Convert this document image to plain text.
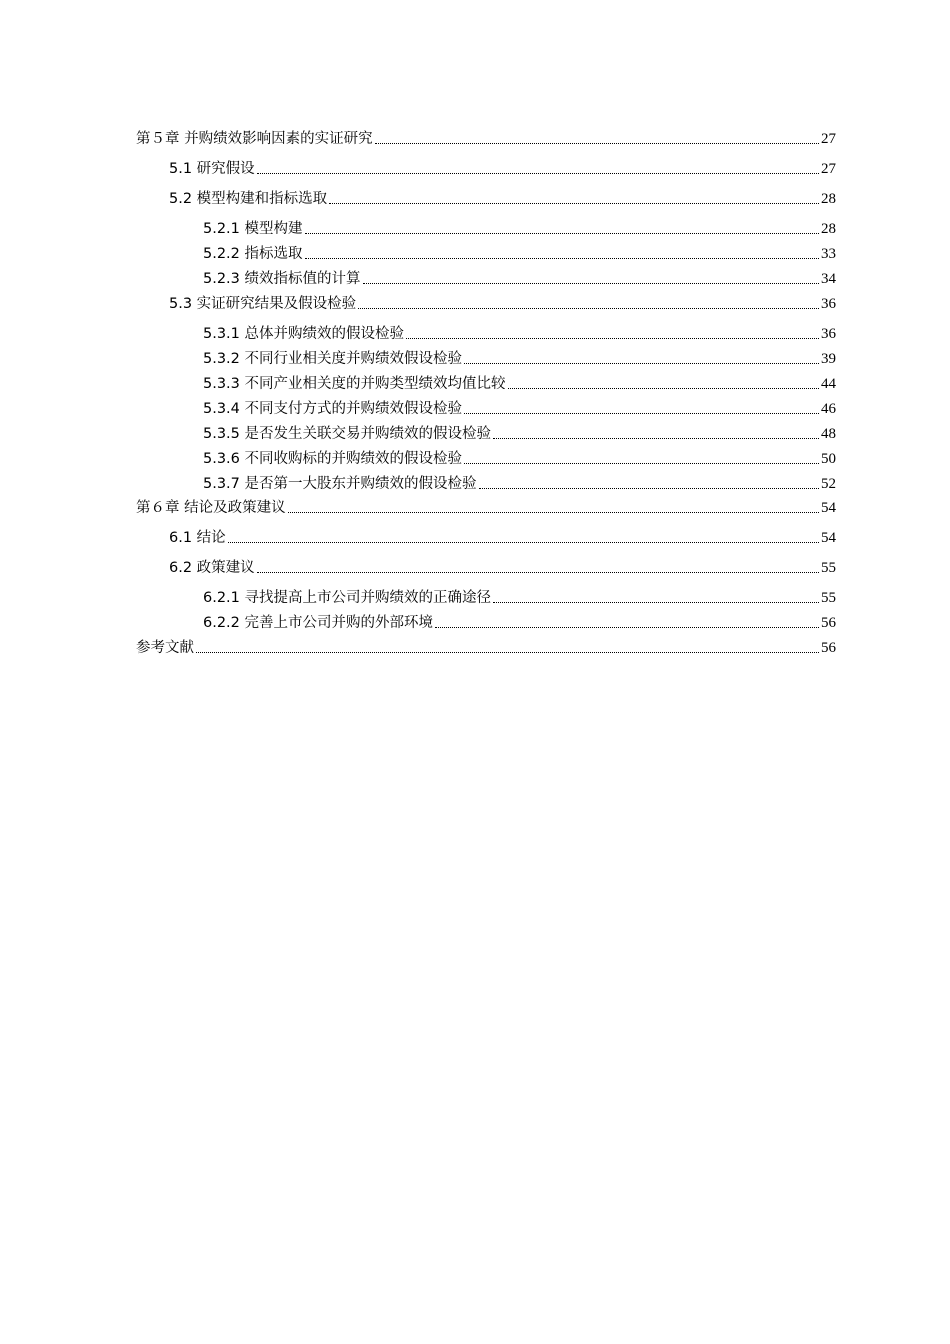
第５章 并购绩效影响因素的实证研究	27
5.1 研究假设	27
5.2 模型构建和指标选取	28
5.2.1 模型构建	28
5.2.2 指标选取	33
5.2.3 绩效指标值的计算	34
5.3 实证研究结果及假设检验	36
5.3.1 总体并购绩效的假设检验	36
5.3.2 不同行业相关度并购绩效假设检验	39
5.3.3 不同产业相关度的并购类型绩效均值比较	44
5.3.4 不同支付方式的并购绩效假设检验	46
5.3.5 是否发生关联交易并购绩效的假设检验	48
5.3.6 不同收购标的并购绩效的假设检验	50
5.3.7 是否第一大股东并购绩效的假设检验	52
第６章 结论及政策建议	54
6.1 结论	54
6.2 政策建议	55
6.2.1 寻找提高上市公司并购绩效的正确途径	55
6.2.2 完善上市公司并购的外部环境	56
参考文献	56
